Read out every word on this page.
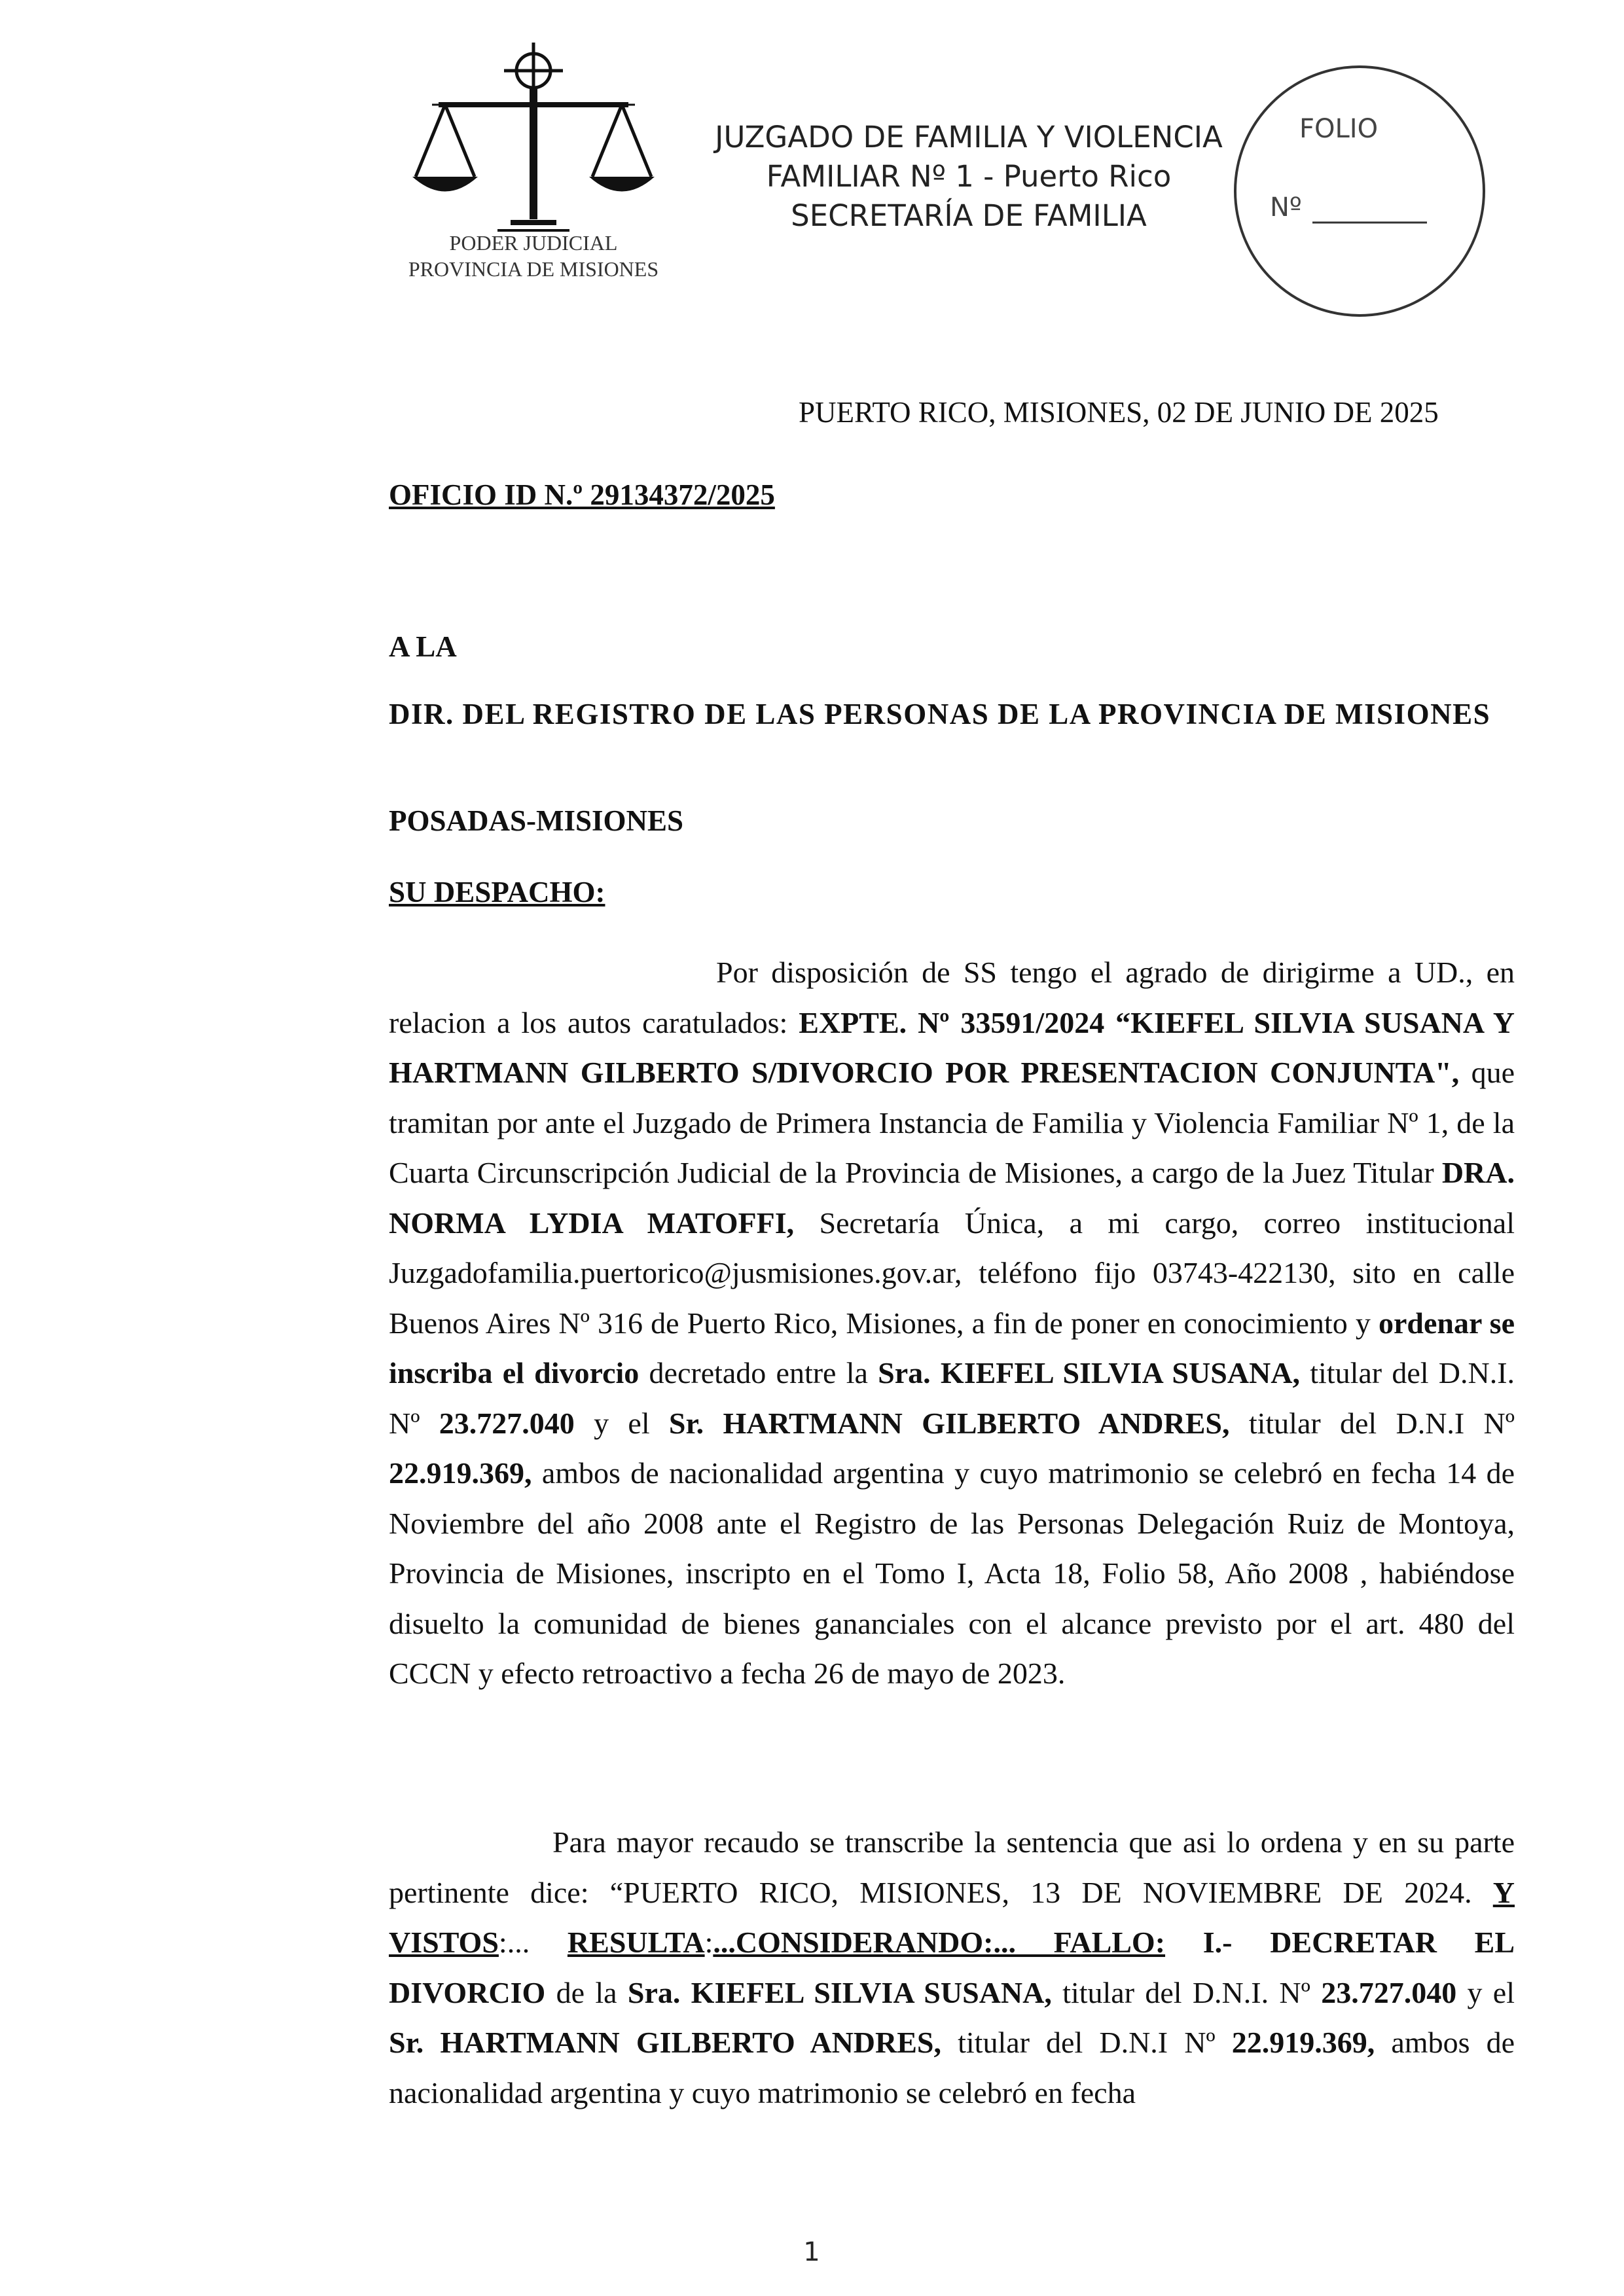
PODER JUDICIAL
PROVINCIA DE MISIONES
JUZGADO DE FAMILIA Y VIOLENCIA
FAMILIAR Nº 1 - Puerto Rico
SECRETARÍA DE FAMILIA
FOLIO
Nº
PUERTO RICO, MISIONES, 02 DE JUNIO DE 2025
OFICIO ID N.º 29134372/2025
A LA
DIR. DEL REGISTRO DE LAS PERSONAS DE LA PROVINCIA DE MISIONES
POSADAS-MISIONES
SU DESPACHO:
Por disposición de SS tengo el agrado de dirigirme a UD., en relacion a los autos caratulados: EXPTE. Nº 33591/2024 “KIEFEL SILVIA SUSANA Y HARTMANN GILBERTO S/DIVORCIO POR PRESENTACION CONJUNTA", que tramitan por ante el Juzgado de Primera Instancia de Familia y Violencia Familiar Nº 1, de la Cuarta Circunscripción Judicial de la Provincia de Misiones, a cargo de la Juez Titular DRA. NORMA LYDIA MATOFFI, Secretaría Única, a mi cargo, correo institucional Juzgadofamilia.puertorico@jusmisiones.gov.ar, teléfono fijo 03743-422130, sito en calle Buenos Aires Nº 316 de Puerto Rico, Misiones, a fin de poner en conocimiento y ordenar se inscriba el divorcio decretado entre la Sra. KIEFEL SILVIA SUSANA, titular del D.N.I. Nº 23.727.040 y el Sr. HARTMANN GILBERTO ANDRES, titular del D.N.I Nº 22.919.369, ambos de nacionalidad argentina y cuyo matrimonio se celebró en fecha 14 de Noviembre del año 2008 ante el Registro de las Personas Delegación Ruiz de Montoya, Provincia de Misiones, inscripto en el Tomo I, Acta 18, Folio 58, Año 2008 , habiéndose disuelto la comunidad de bienes gananciales con el alcance previsto por el art. 480 del CCCN y efecto retroactivo a fecha 26 de mayo de 2023.
Para mayor recaudo se transcribe la sentencia que asi lo ordena y en su parte pertinente dice: “PUERTO RICO, MISIONES, 13 DE NOVIEMBRE DE 2024. Y VISTOS:... RESULTA:...CONSIDERANDO:... FALLO: I.- DECRETAR EL DIVORCIO de la Sra. KIEFEL SILVIA SUSANA, titular del D.N.I. Nº 23.727.040 y el Sr. HARTMANN GILBERTO ANDRES, titular del D.N.I Nº 22.919.369, ambos de nacionalidad argentina y cuyo matrimonio se celebró en fecha
1
